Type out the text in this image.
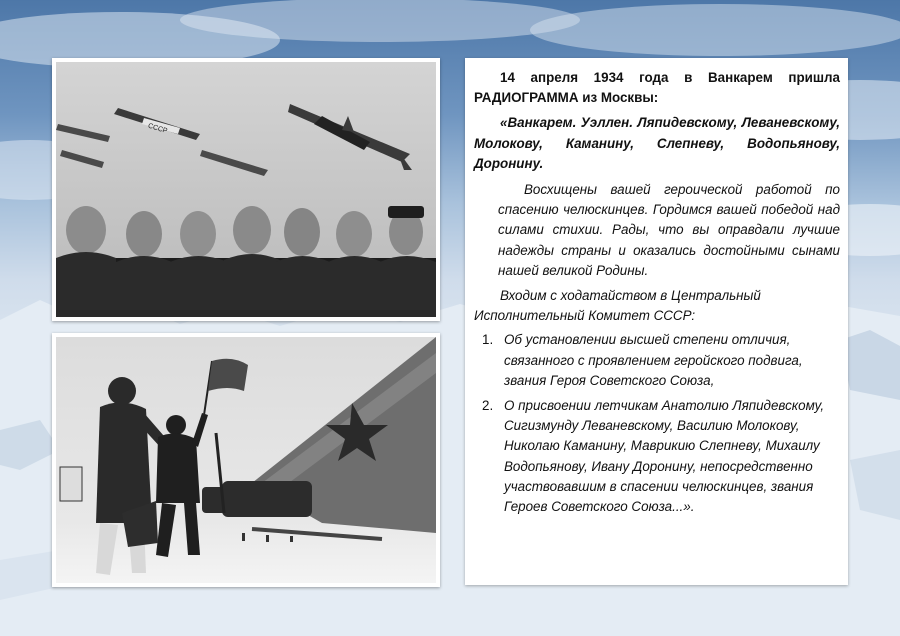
СССР

14 апреля 1934 года в Ванкарем пришла РАДИОГРАММА из Москвы:

«Ванкарем. Уэллен. Ляпидевскому, Леваневскому, Молокову, Каманину, Слепневу, Водопьянову, Доронину.

Восхищены вашей героической работой по спасению челюскинцев. Гордимся вашей победой над силами стихии. Рады, что вы оправдали лучшие надежды страны и оказались достойными сынами нашей великой Родины.

Входим с ходатайством в Центральный Исполнительный Комитет СССР:

1. Об установлении высшей степени отличия, связанного с проявлением геройского подвига, звания Героя Советского Союза,
2. О присвоении летчикам Анатолию Ляпидевскому, Сигизмунду Леваневскому, Василию Молокову, Николаю Каманину, Маврикию Слепневу, Михаилу Водопьянову, Ивану Доронину, непосредственно участвовавшим в спасении челюскинцев, звания Героев Советского Союза...».
